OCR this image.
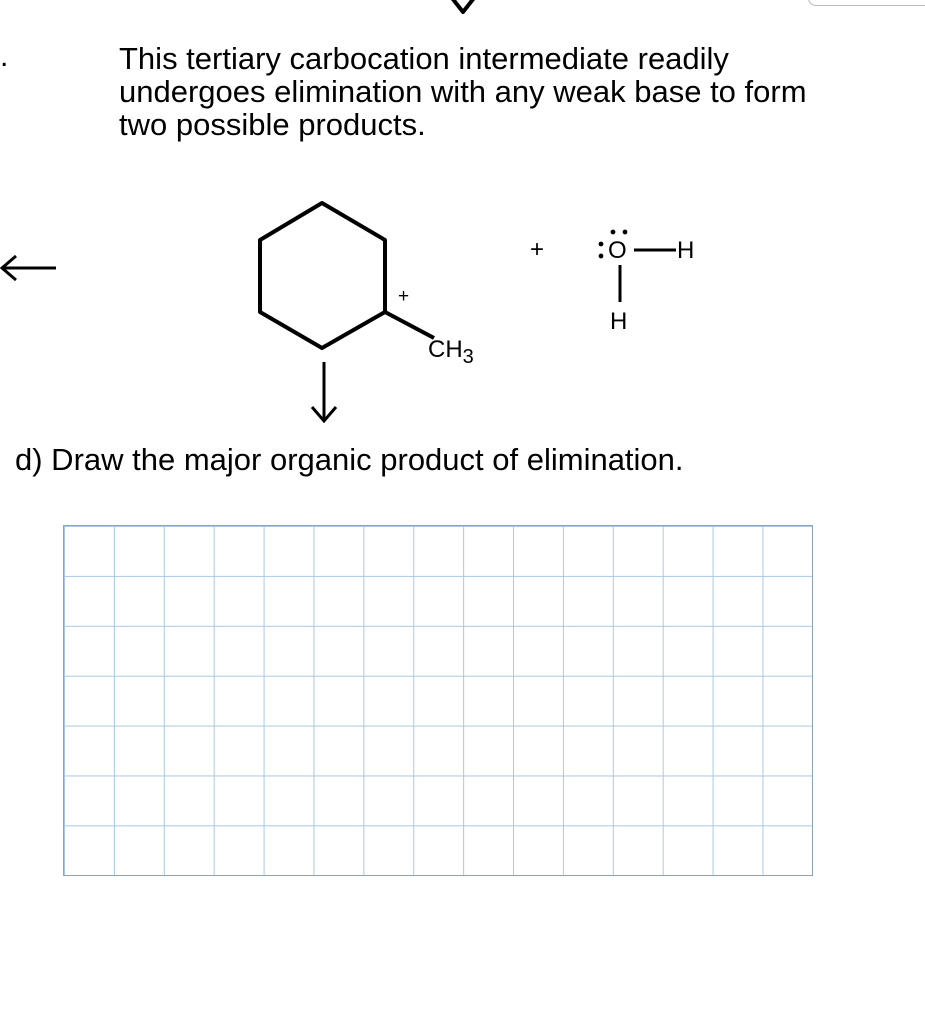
.	This tertiary carbocation intermediate readily undergoes elimination with any weak base to form two possible products.

+
$CH_3$
+	O H
H

d) Draw the major organic product of elimination.
